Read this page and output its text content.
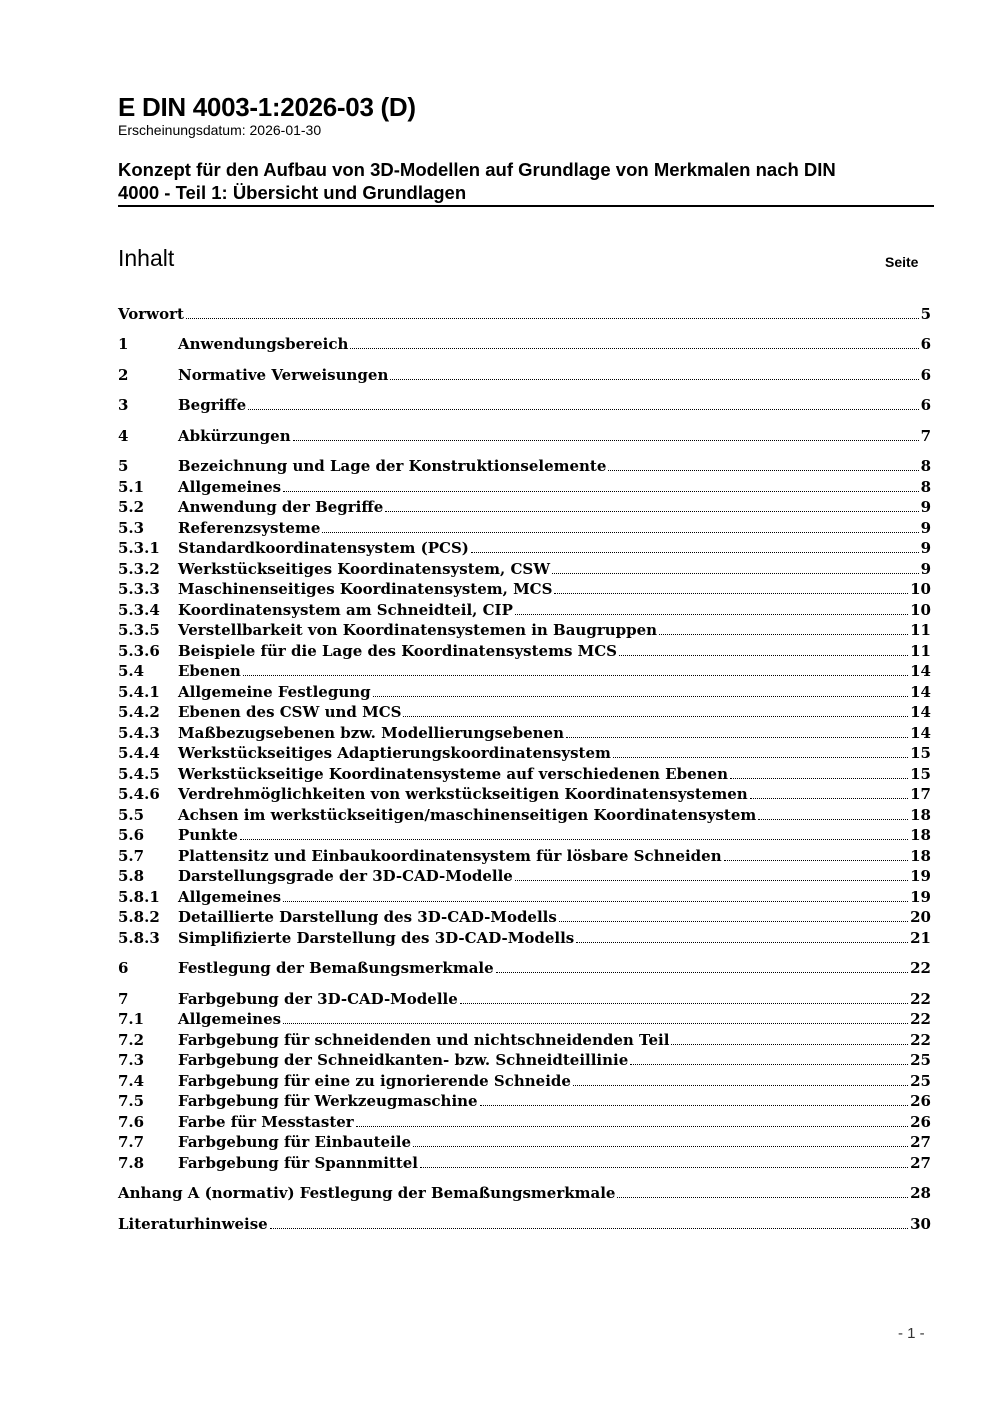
E DIN 4003-1:2026-03 (D)
Erscheinungsdatum: 2026-01-30
Konzept für den Aufbau von 3D-Modellen auf Grundlage von Merkmalen nach DIN
4000 - Teil 1: Übersicht und Grundlagen
Inhalt	Seite
Vorwort	5
1	Anwendungsbereich	6
2	Normative Verweisungen	6
3	Begriffe	6
4	Abkürzungen	7
5	Bezeichnung und Lage der Konstruktionselemente	8
5.1	Allgemeines	8
5.2	Anwendung der Begriffe	9
5.3	Referenzsysteme	9
5.3.1	Standardkoordinatensystem (PCS)	9
5.3.2	Werkstückseitiges Koordinatensystem, CSW	9
5.3.3	Maschinenseitiges Koordinatensystem, MCS	10
5.3.4	Koordinatensystem am Schneidteil, CIP	10
5.3.5	Verstellbarkeit von Koordinatensystemen in Baugruppen	11
5.3.6	Beispiele für die Lage des Koordinatensystems MCS	11
5.4	Ebenen	14
5.4.1	Allgemeine Festlegung	14
5.4.2	Ebenen des CSW und MCS	14
5.4.3	Maßbezugsebenen bzw. Modellierungsebenen	14
5.4.4	Werkstückseitiges Adaptierungskoordinatensystem	15
5.4.5	Werkstückseitige Koordinatensysteme auf verschiedenen Ebenen	15
5.4.6	Verdrehmöglichkeiten von werkstückseitigen Koordinatensystemen	17
5.5	Achsen im werkstückseitigen/maschinenseitigen Koordinatensystem	18
5.6	Punkte	18
5.7	Plattensitz und Einbaukoordinatensystem für lösbare Schneiden	18
5.8	Darstellungsgrade der 3D-CAD-Modelle	19
5.8.1	Allgemeines	19
5.8.2	Detaillierte Darstellung des 3D-CAD-Modells	20
5.8.3	Simplifizierte Darstellung des 3D-CAD-Modells	21
6	Festlegung der Bemaßungsmerkmale	22
7	Farbgebung der 3D-CAD-Modelle	22
7.1	Allgemeines	22
7.2	Farbgebung für schneidenden und nichtschneidenden Teil	22
7.3	Farbgebung der Schneidkanten- bzw. Schneidteillinie	25
7.4	Farbgebung für eine zu ignorierende Schneide	25
7.5	Farbgebung für Werkzeugmaschine	26
7.6	Farbe für Messtaster	26
7.7	Farbgebung für Einbauteile	27
7.8	Farbgebung für Spannmittel	27
Anhang A (normativ) Festlegung der Bemaßungsmerkmale	28
Literaturhinweise	30
- 1 -
